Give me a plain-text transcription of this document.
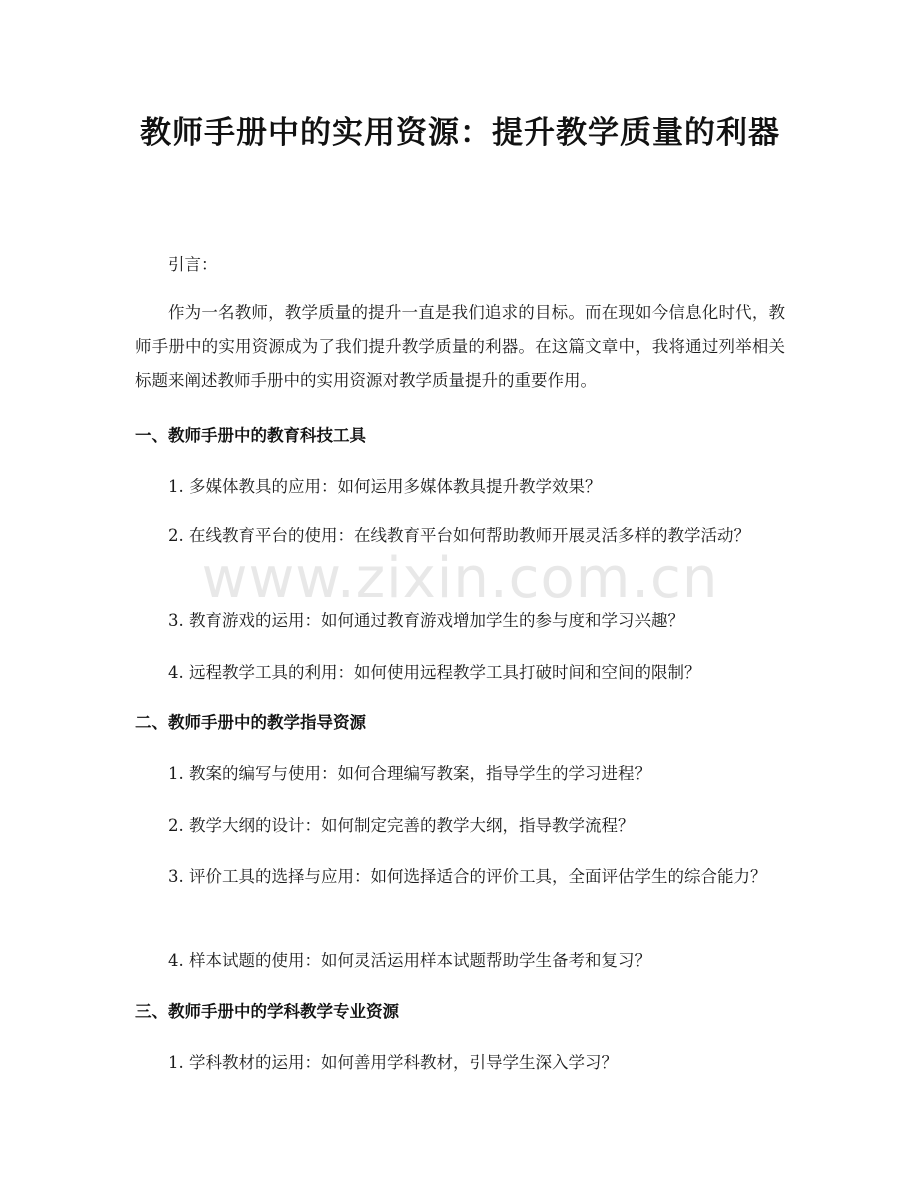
教师手册中的实用资源：提升教学质量的利器

引言：

作为一名教师，教学质量的提升一直是我们追求的目标。而在现如今信息化时代，教师手册中的实用资源成为了我们提升教学质量的利器。在这篇文章中，我将通过列举相关标题来阐述教师手册中的实用资源对教学质量提升的重要作用。

一、教师手册中的教育科技工具

1. 多媒体教具的应用：如何运用多媒体教具提升教学效果？

2. 在线教育平台的使用：在线教育平台如何帮助教师开展灵活多样的教学活动？

3. 教育游戏的运用：如何通过教育游戏增加学生的参与度和学习兴趣？

4. 远程教学工具的利用：如何使用远程教学工具打破时间和空间的限制？

二、教师手册中的教学指导资源

1. 教案的编写与使用：如何合理编写教案，指导学生的学习进程？

2. 教学大纲的设计：如何制定完善的教学大纲，指导教学流程？

3. 评价工具的选择与应用：如何选择适合的评价工具，全面评估学生的综合能力？

4. 样本试题的使用：如何灵活运用样本试题帮助学生备考和复习？

三、教师手册中的学科教学专业资源

1. 学科教材的运用：如何善用学科教材，引导学生深入学习？

www.zixin.com.cn
